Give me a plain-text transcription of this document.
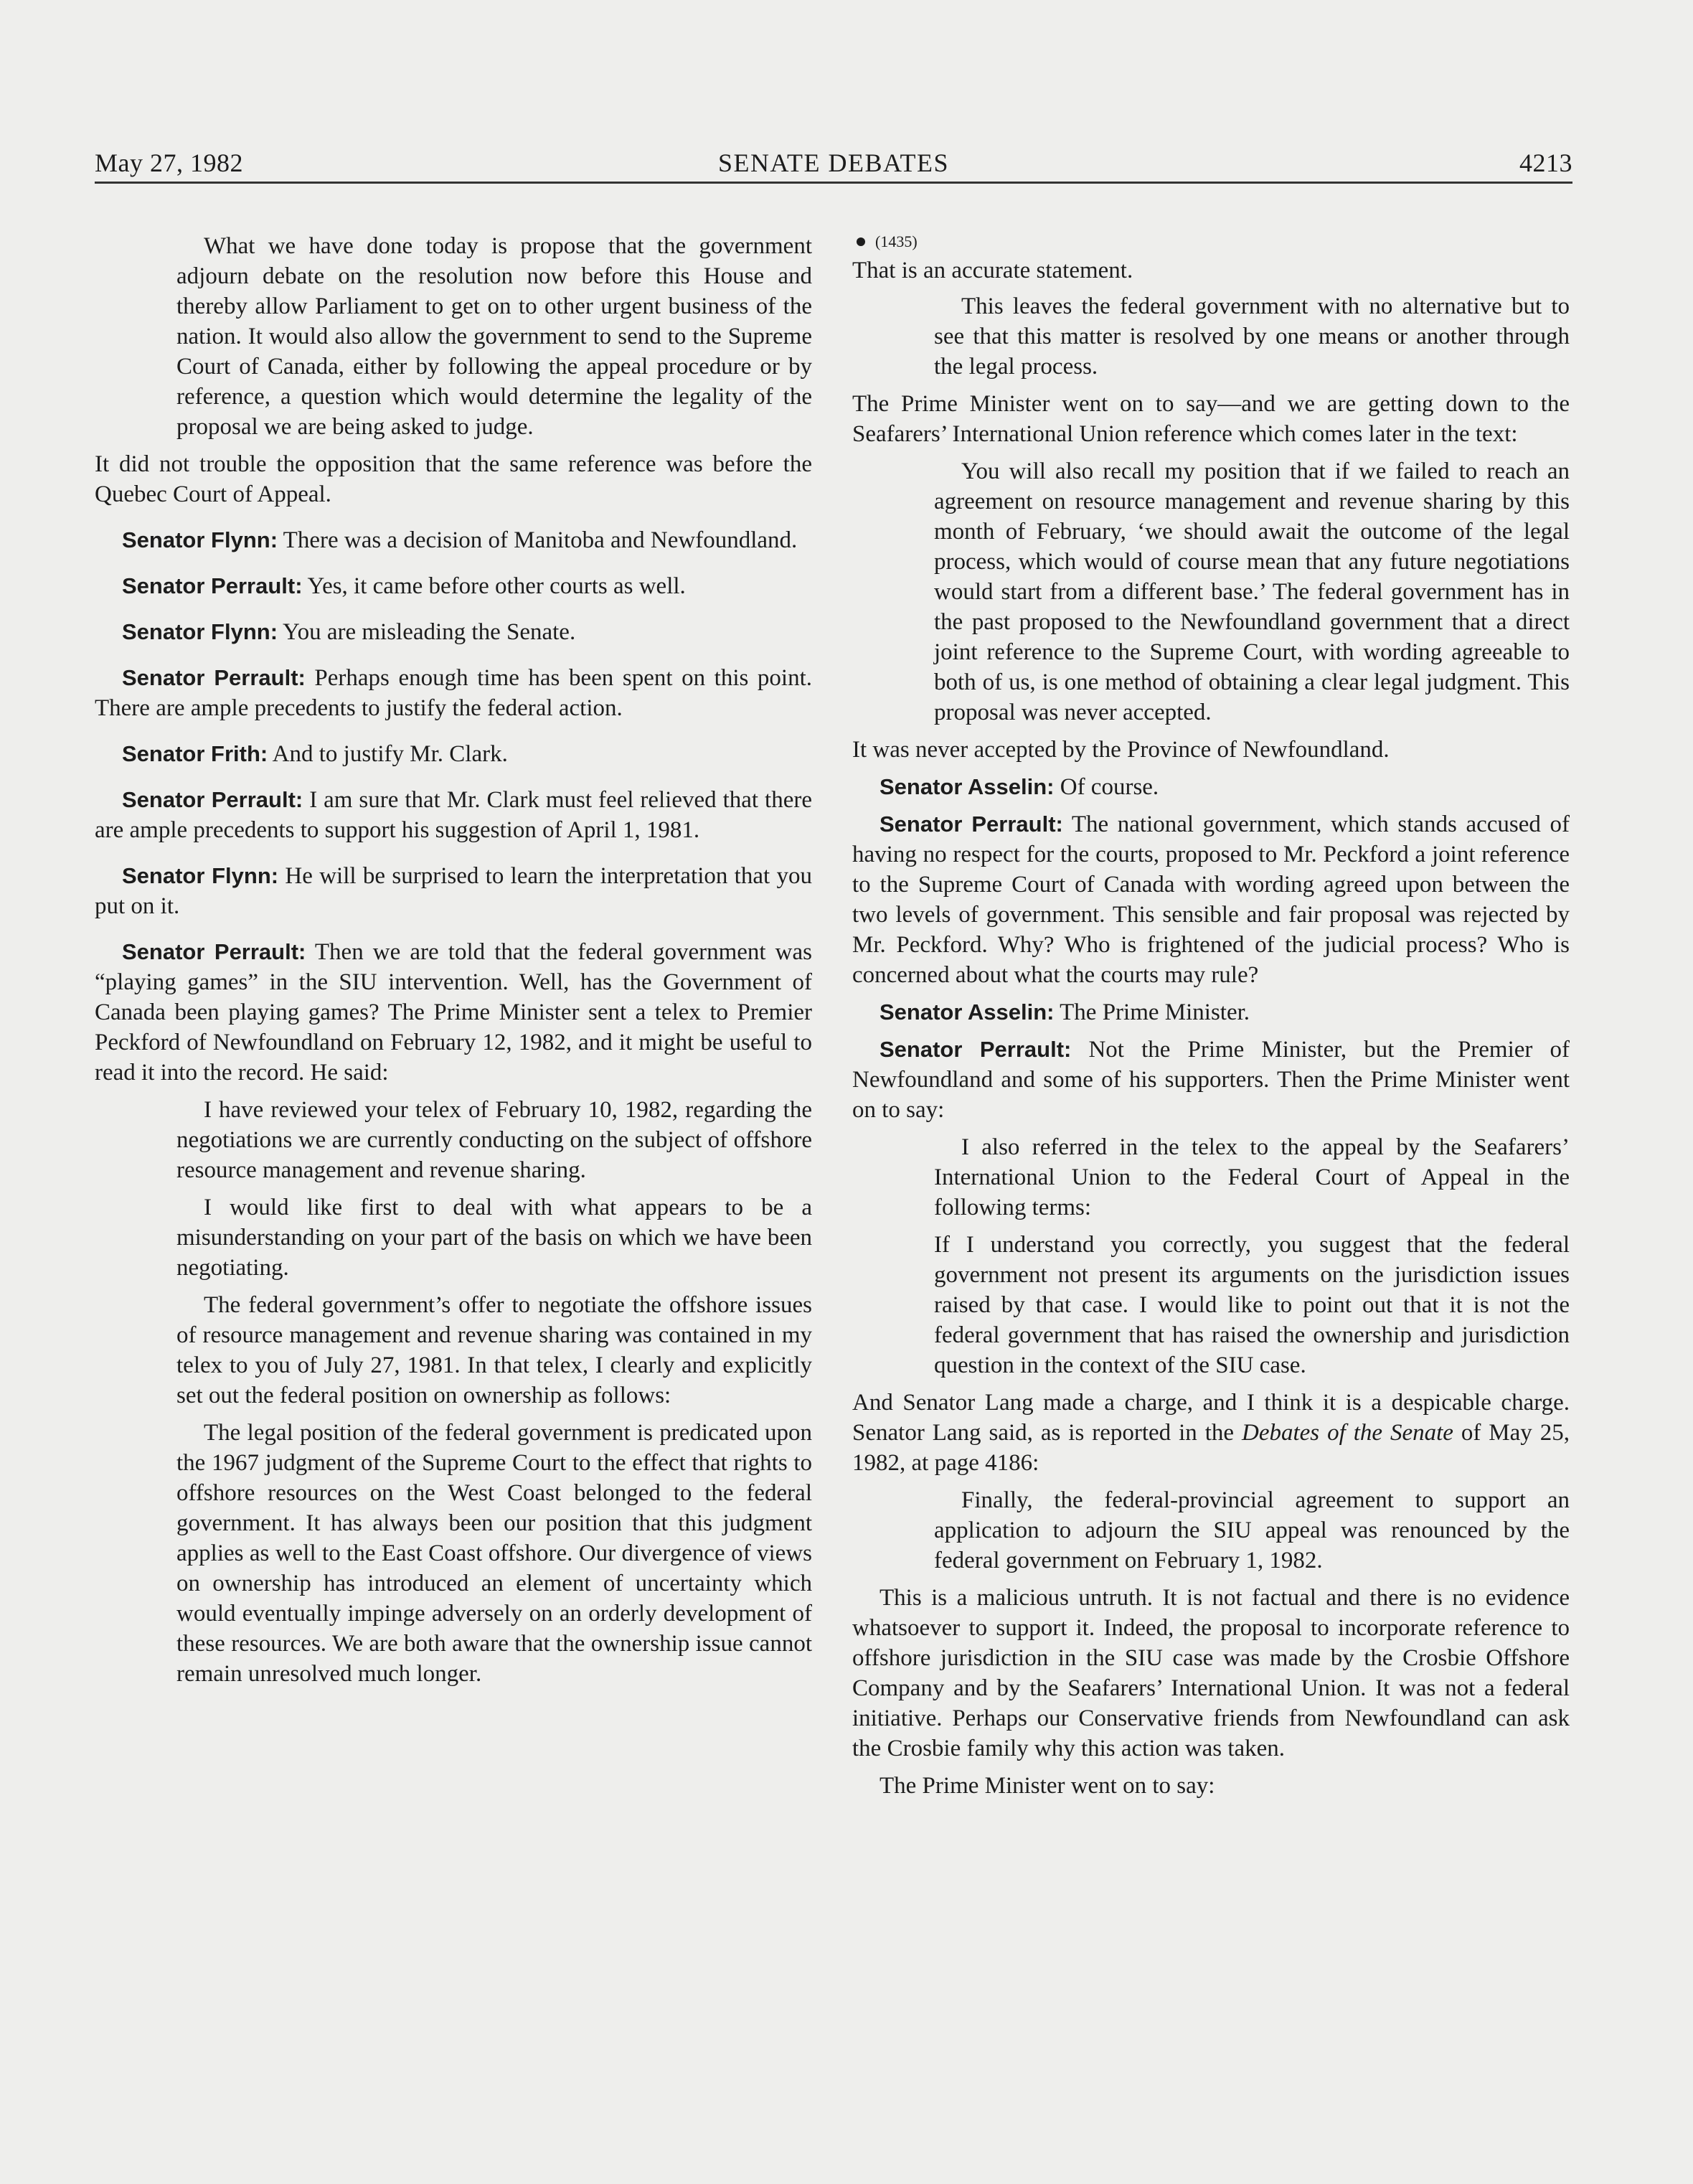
May 27, 1982	SENATE DEBATES	4213

What we have done today is propose that the government adjourn debate on the resolution now before this House and thereby allow Parliament to get on to other urgent business of the nation. It would also allow the government to send to the Supreme Court of Canada, either by following the appeal procedure or by reference, a question which would determine the legality of the proposal we are being asked to judge.

It did not trouble the opposition that the same reference was before the Quebec Court of Appeal.

Senator Flynn: There was a decision of Manitoba and Newfoundland.

Senator Perrault: Yes, it came before other courts as well.

Senator Flynn: You are misleading the Senate.

Senator Perrault: Perhaps enough time has been spent on this point. There are ample precedents to justify the federal action.

Senator Frith: And to justify Mr. Clark.

Senator Perrault: I am sure that Mr. Clark must feel relieved that there are ample precedents to support his suggestion of April 1, 1981.

Senator Flynn: He will be surprised to learn the interpretation that you put on it.

Senator Perrault: Then we are told that the federal government was “playing games” in the SIU intervention. Well, has the Government of Canada been playing games? The Prime Minister sent a telex to Premier Peckford of Newfoundland on February 12, 1982, and it might be useful to read it into the record. He said:

I have reviewed your telex of February 10, 1982, regarding the negotiations we are currently conducting on the subject of offshore resource management and revenue sharing.

I would like first to deal with what appears to be a misunderstanding on your part of the basis on which we have been negotiating.

The federal government’s offer to negotiate the offshore issues of resource management and revenue sharing was contained in my telex to you of July 27, 1981. In that telex, I clearly and explicitly set out the federal position on ownership as follows:

The legal position of the federal government is predicated upon the 1967 judgment of the Supreme Court to the effect that rights to offshore resources on the West Coast belonged to the federal government. It has always been our position that this judgment applies as well to the East Coast offshore. Our divergence of views on ownership has introduced an element of uncertainty which would eventually impinge adversely on an orderly development of these resources. We are both aware that the ownership issue cannot remain unresolved much longer.

(1435)

That is an accurate statement.

This leaves the federal government with no alternative but to see that this matter is resolved by one means or another through the legal process.

The Prime Minister went on to say—and we are getting down to the Seafarers’ International Union reference which comes later in the text:

You will also recall my position that if we failed to reach an agreement on resource management and revenue sharing by this month of February, ‘we should await the outcome of the legal process, which would of course mean that any future negotiations would start from a different base.’ The federal government has in the past proposed to the Newfoundland government that a direct joint reference to the Supreme Court, with wording agreeable to both of us, is one method of obtaining a clear legal judgment. This proposal was never accepted.

It was never accepted by the Province of Newfoundland.

Senator Asselin: Of course.

Senator Perrault: The national government, which stands accused of having no respect for the courts, proposed to Mr. Peckford a joint reference to the Supreme Court of Canada with wording agreed upon between the two levels of government. This sensible and fair proposal was rejected by Mr. Peckford. Why? Who is frightened of the judicial process? Who is concerned about what the courts may rule?

Senator Asselin: The Prime Minister.

Senator Perrault: Not the Prime Minister, but the Premier of Newfoundland and some of his supporters. Then the Prime Minister went on to say:

I also referred in the telex to the appeal by the Seafarers’ International Union to the Federal Court of Appeal in the following terms:

If I understand you correctly, you suggest that the federal government not present its arguments on the jurisdiction issues raised by that case. I would like to point out that it is not the federal government that has raised the ownership and jurisdiction question in the context of the SIU case.

And Senator Lang made a charge, and I think it is a despicable charge. Senator Lang said, as is reported in the Debates of the Senate of May 25, 1982, at page 4186:

Finally, the federal-provincial agreement to support an application to adjourn the SIU appeal was renounced by the federal government on February 1, 1982.

This is a malicious untruth. It is not factual and there is no evidence whatsoever to support it. Indeed, the proposal to incorporate reference to offshore jurisdiction in the SIU case was made by the Crosbie Offshore Company and by the Seafarers’ International Union. It was not a federal initiative. Perhaps our Conservative friends from Newfoundland can ask the Crosbie family why this action was taken.

The Prime Minister went on to say:
